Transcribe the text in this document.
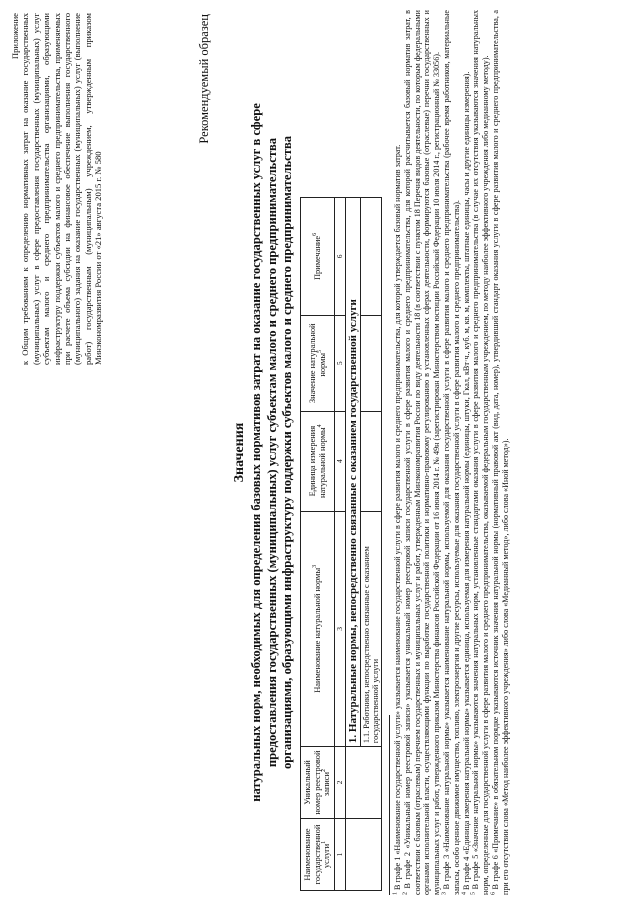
Приложение к Общим требованиям к определению нормативных затрат на оказание государственных (муниципальных) услуг в сфере предоставления государственных (муниципальных) услуг субъектам малого и среднего предпринимательства организациями, образующими инфраструктуру поддержки субъектов малого и среднего предпринимательства, применяемых при расчете объема субсидии на финансовое обеспечение выполнения государственного (муниципального) задания на оказание государственных (муниципальных) услуг (выполнение работ) государственным (муниципальным) учреждением, утвержденным приказом Минэкономразвития России от «21» августа 2015 г. № 580

Рекомендуемый образец

Значения натуральных норм, необходимых для определения базовых нормативов затрат на оказание государственных услуг в сфере предоставления государственных (муниципальных) услуг субъектам малого и среднего предпринимательства организациями, образующими инфраструктуру поддержки субъектов малого и среднего предпринимательства

Наименование государственной услуги$^1$	Уникальный номер реестровой записи$^2$	Наименование натуральной нормы$^3$	Единица измерения натуральной нормы$^4$	Значение натуральной нормы$^5$	Примечание$^6$
1	2	3	4	5	6
		1. Натуральные нормы, непосредственно связанные с оказанием государственной услуги			
		1.1. Работники, непосредственно связанные с оказанием государственной услуги			

$^1$ В графе 1 «Наименование государственной услуги» указывается наименование государственной услуги в сфере развития малого и среднего предпринимательства, для которой утверждается базовый норматив затрат.

$^2$ В графе 2 «Уникальный номер реестровой записи» указывается уникальный номер реестровой записи государственной услуги в сфере развития малого и среднего предпринимательства, для которой рассчитывается базовый норматив затрат, в соответствии с базовым (отраслевым) перечнем государственных и муниципальных услуг и работ, утвержденным Минэкономразвития России по виду деятельности 18 (в соответствии с пунктом 18 Перечня видов деятельности, по которым федеральными органами исполнительной власти, осуществляющими функции по выработке государственной политики и нормативно-правовому регулированию в установленных сферах деятельности, формируются базовые (отраслевые) перечни государственных и муниципальных услуг и работ, утвержденного приказом Министерства финансов Российской Федерации от 16 июня 2014 г. № 49н (зарегистрирован Министерством юстиции Российской Федерации 10 июля 2014 г., регистрационный № 33056). $^3$ В графе 3 «Наименование натуральной нормы» указывается наименование натуральной нормы, используемой для оказания государственной услуги в сфере развития малого и среднего предпринимательства (рабочее время работников, материальные запасы, особо ценное движимое имущество, топливо, электроэнергия и другие ресурсы, используемые для оказания государственной услуги в сфере развития малого и среднего предпринимательства). $^4$ В графе 4 «Единица измерения натуральной нормы» указывается единица, используемая для измерения натуральной нормы (единицы, штуки, Гкал, кВт·ч., куб. м, кв. м, комплекты, штатные единицы, часы и другие единицы измерения).

$^5$ В графе 5 «Значение натуральной нормы» указываются значения натуральных норм, установленные стандартами оказания услуги в сфере развития малого и среднего предпринимательства (в случае их отсутствия указываются значения натуральных норм, определенные для государственной услуги в сфере развития малого и среднего предпринимательства, оказываемой федеральным государственным учреждением, по методу наиболее эффективного учреждения либо медианному методу). $^6$ В графе 6 «Примечание» в обязательном порядке указываются источник значения натуральной нормы (нормативный правовой акт (вид, дата, номер), утвердивший стандарт оказания услуги в сфере развития малого и среднего предпринимательства, а при его отсутствии слова «Метод наиболее эффективного учреждения» либо слова «Медианный метод», либо слова «Иной метод»).
